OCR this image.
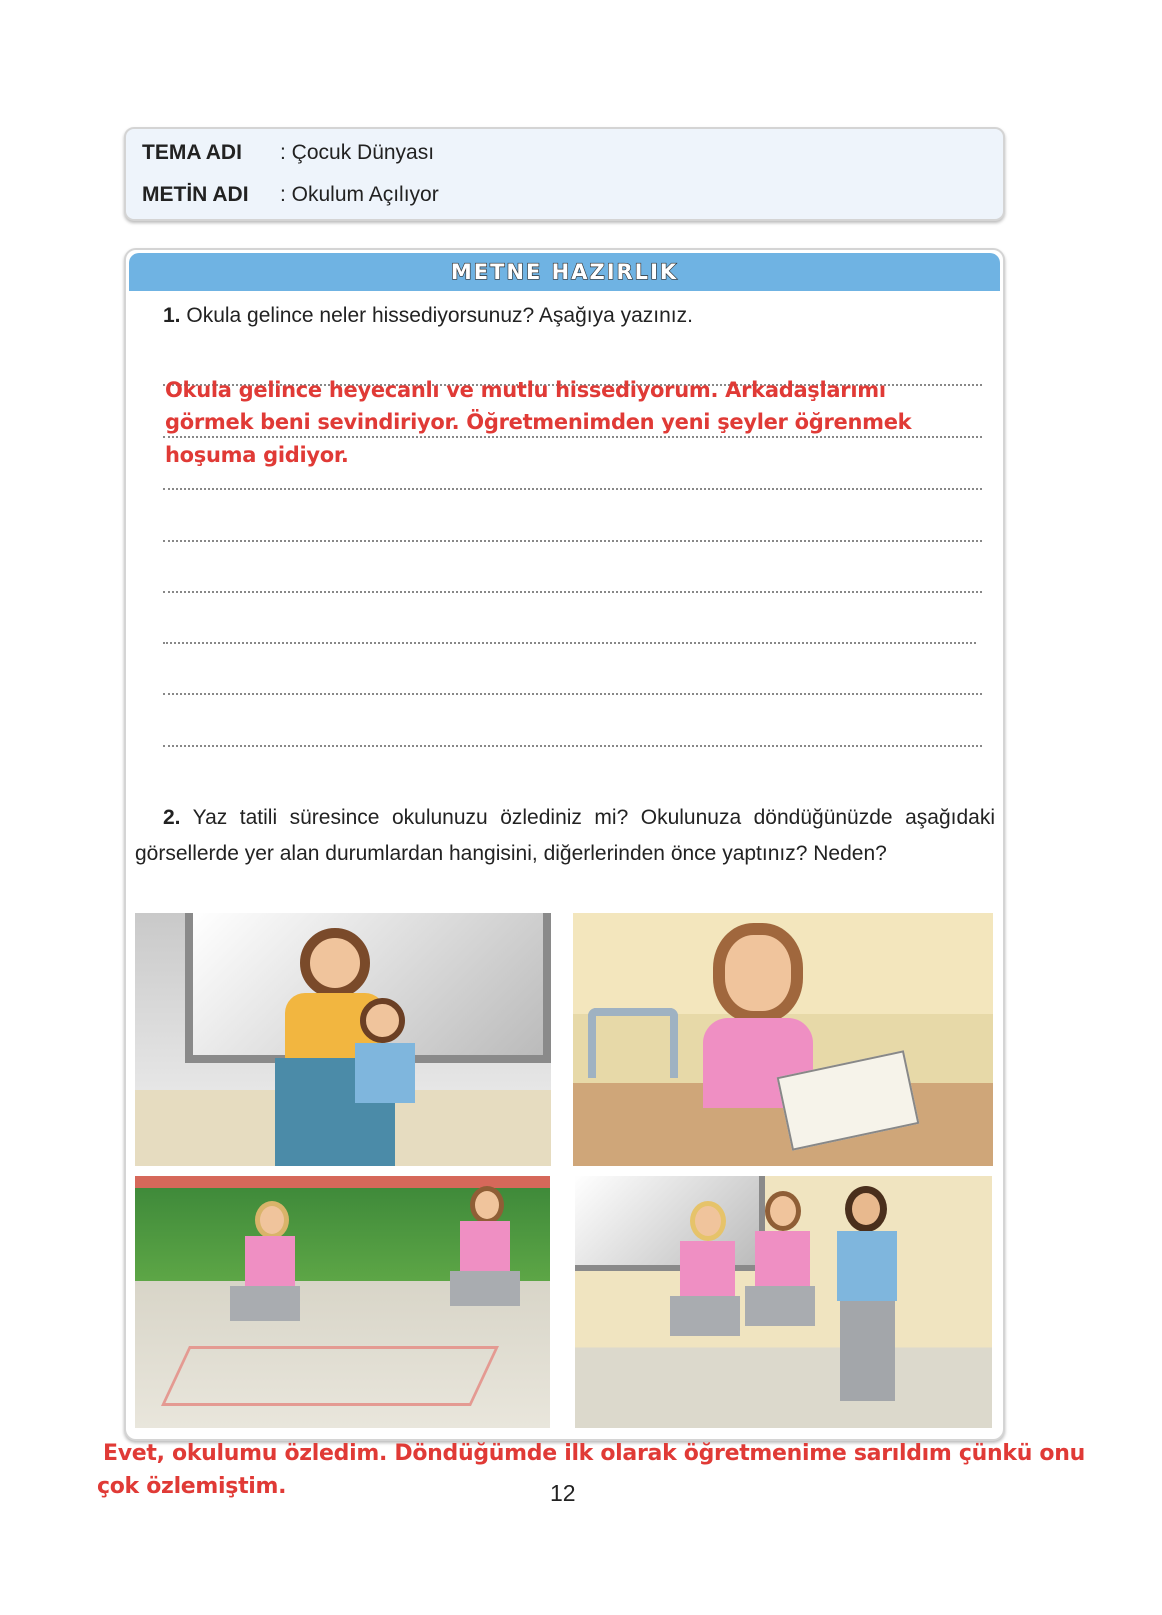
TEMA ADI : Çocuk Dünyası
METİN ADI : Okulum Açılıyor
METNE HAZIRLIK
1. Okula gelince neler hissediyorsunuz? Aşağıya yazınız.
Okula gelince heyecanlı ve mutlu hissediyorum. Arkadaşlarımı
görmek beni sevindiriyor. Öğretmenimden yeni şeyler öğrenmek
hoşuma gidiyor.
2. Yaz tatili süresince okulunuzu özlediniz mi? Okulunuza döndüğünüzde aşağıdaki görsellerde yer alan durumlardan hangisini, diğerlerinden önce yaptınız? Neden?
Evet, okulumu özledim. Döndüğümde ilk olarak öğretmenime sarıldım çünkü onu
çok özlemiştim.	12
